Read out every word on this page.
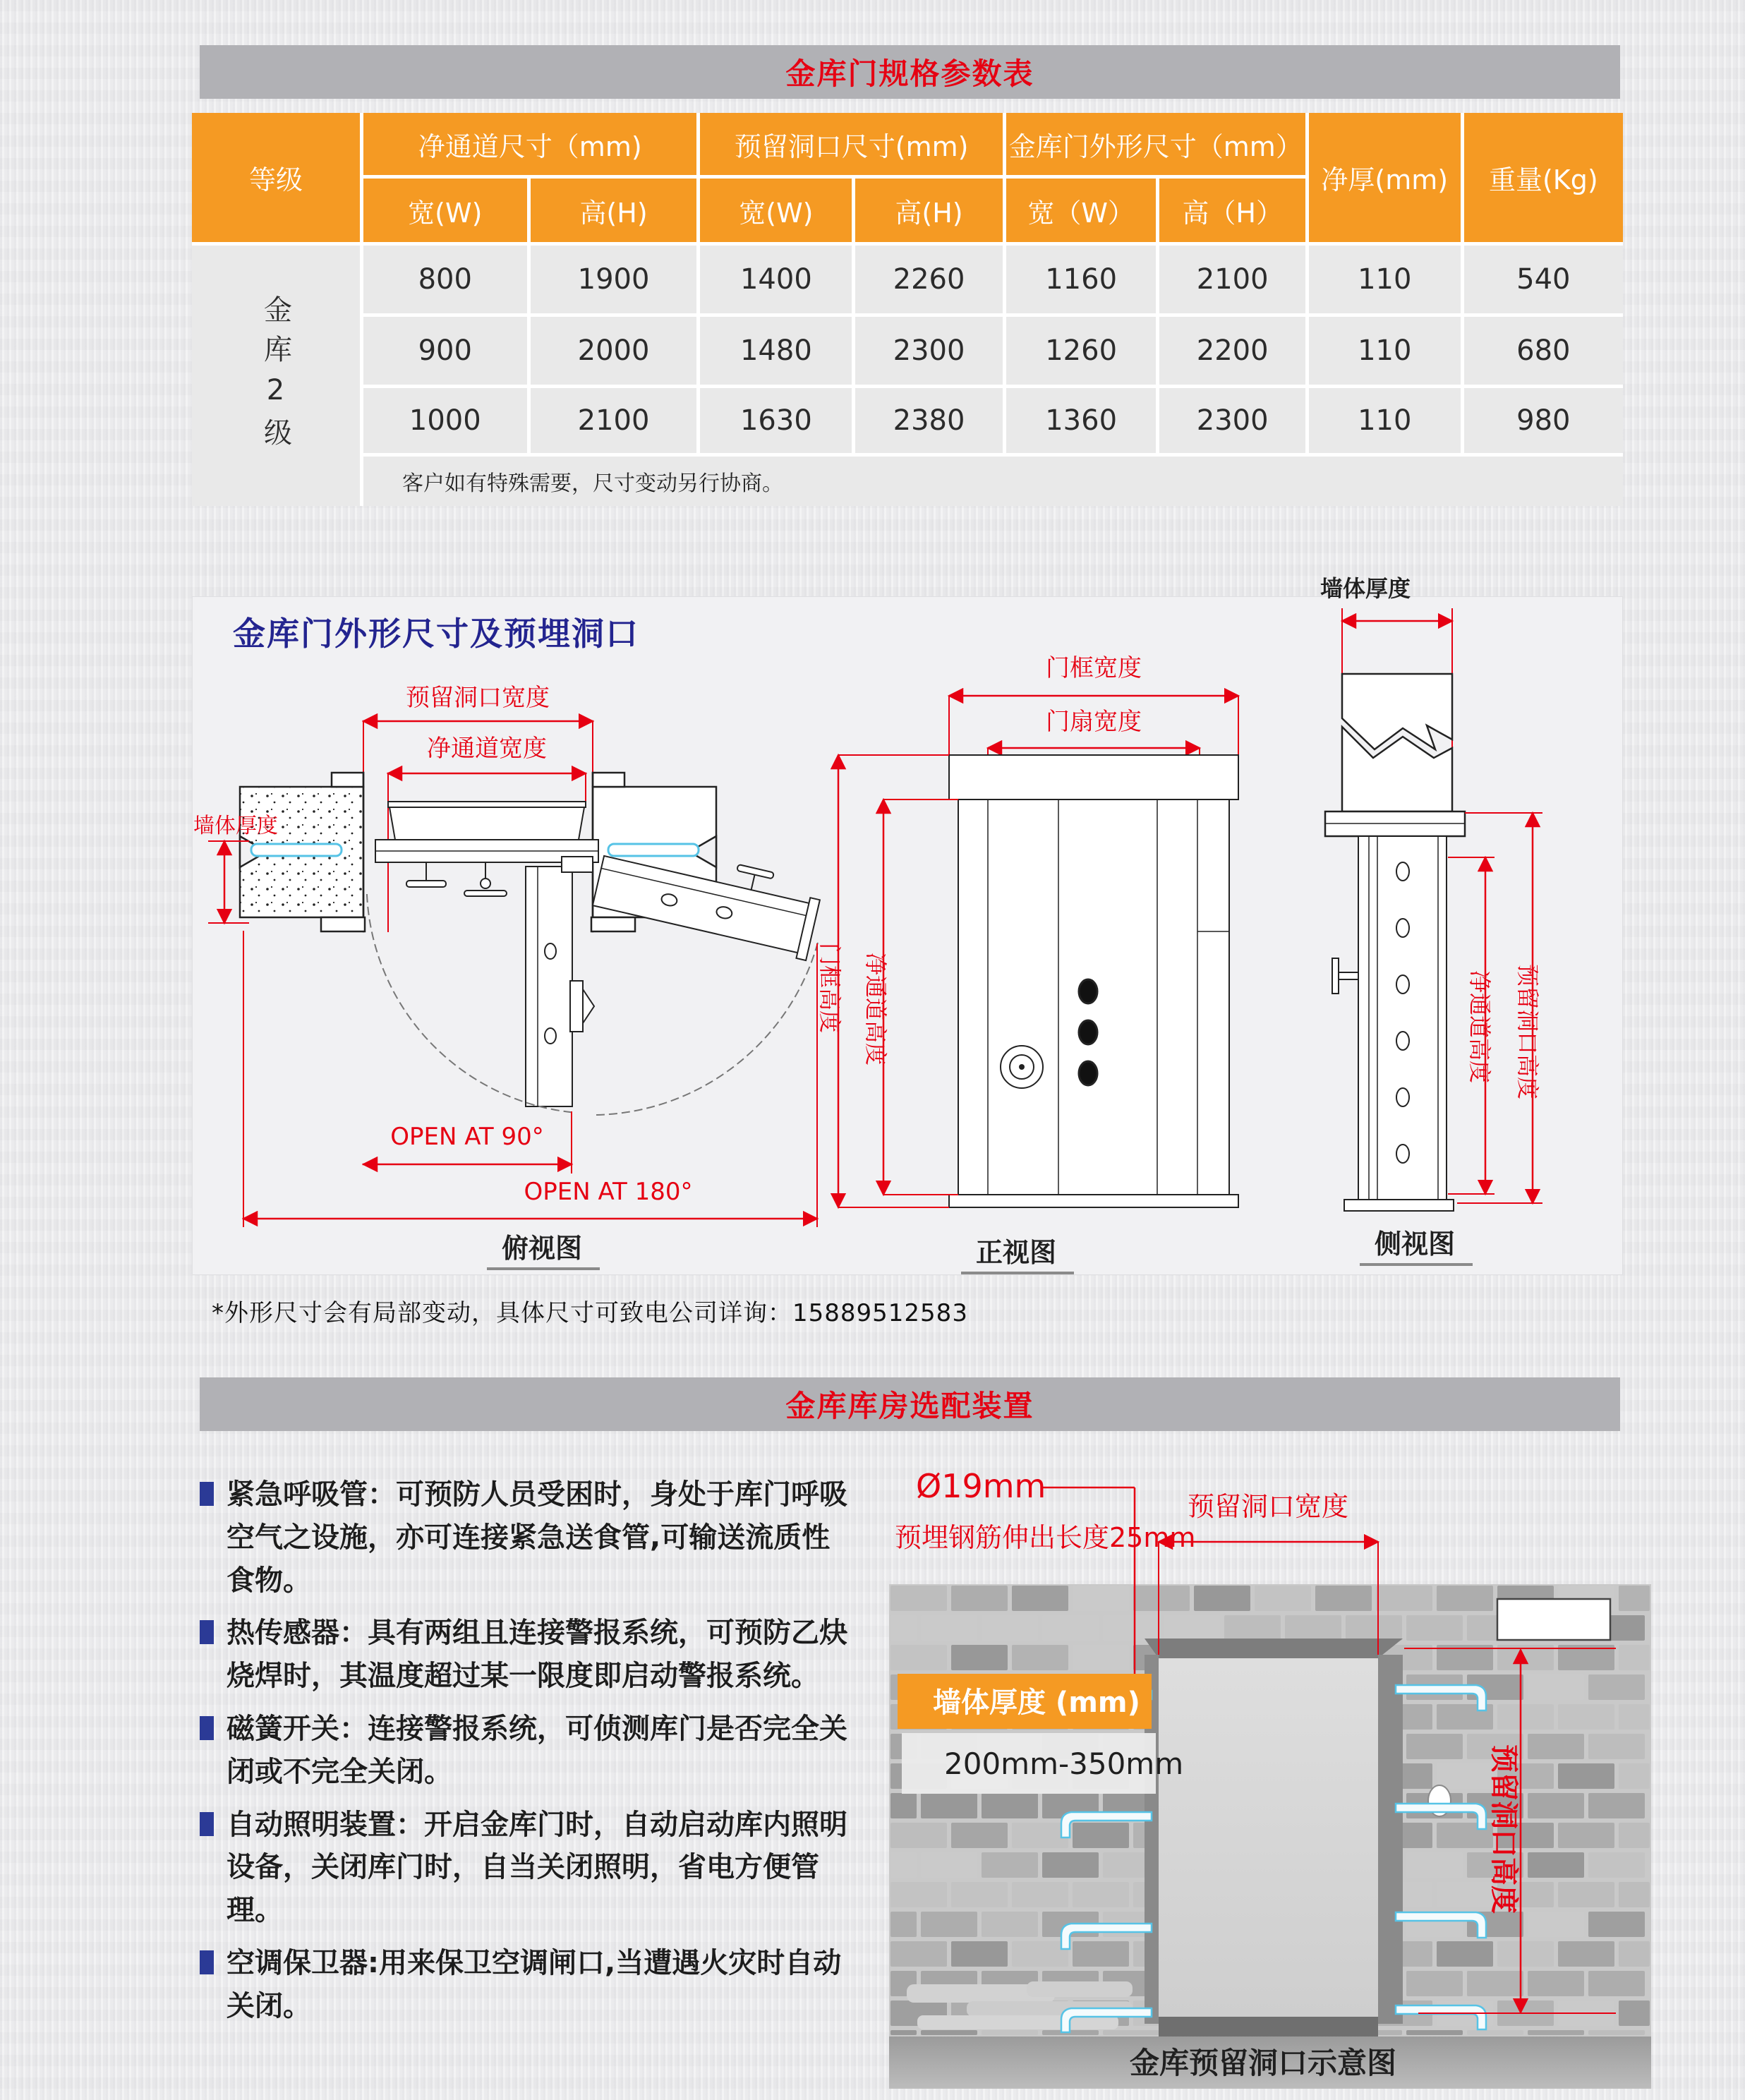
金库门规格参数表
等级
净通道尺寸（mm)	预留洞口尺寸(mm)	金库门外形尺寸（mm）
净厚(mm)	重量(Kg)
宽(W)	高(H)	宽(W)	高(H)	宽（W）	高（H）
金库2级
800	1900	1400	2260	1160	2100	110	540
900	2000	1480	2300	1260	2200	110	680
1000	2100	1630	2380	1360	2300	110	980
客户如有特殊需要，尺寸变动另行协商。
金库门外形尺寸及预埋洞口
预留洞口宽度
净通道宽度
墙体厚度
OPEN AT 90°
OPEN AT 180°
俯视图
门框宽度
门扇宽度
门框高度 净通道高度
正视图
墙体厚度
净通道高度 预留洞口高度
侧视图
*外形尺寸会有局部变动，具体尺寸可致电公司详询：15889512583
金库库房选配装置
紧急呼吸管：可预防人员受困时，身处于库门呼吸空气之设施，亦可连接紧急送食管,可输送流质性食物。
热传感器：具有两组且连接警报系统，可预防乙炔烧焊时，其温度超过某一限度即启动警报系统。
磁簧开关：连接警报系统，可侦测库门是否完全关闭或不完全关闭。
自动照明装置：开启金库门时，自动启动库内照明设备，关闭库门时，自当关闭照明，省电方便管理。
空调保卫器:用来保卫空调闸口,当遭遇火灾时自动关闭。
Ø19mm
预埋钢筋伸出长度25mm
预留洞口宽度
预留洞口高度
墙体厚度 (mm)
200mm-350mm
金库预留洞口示意图
